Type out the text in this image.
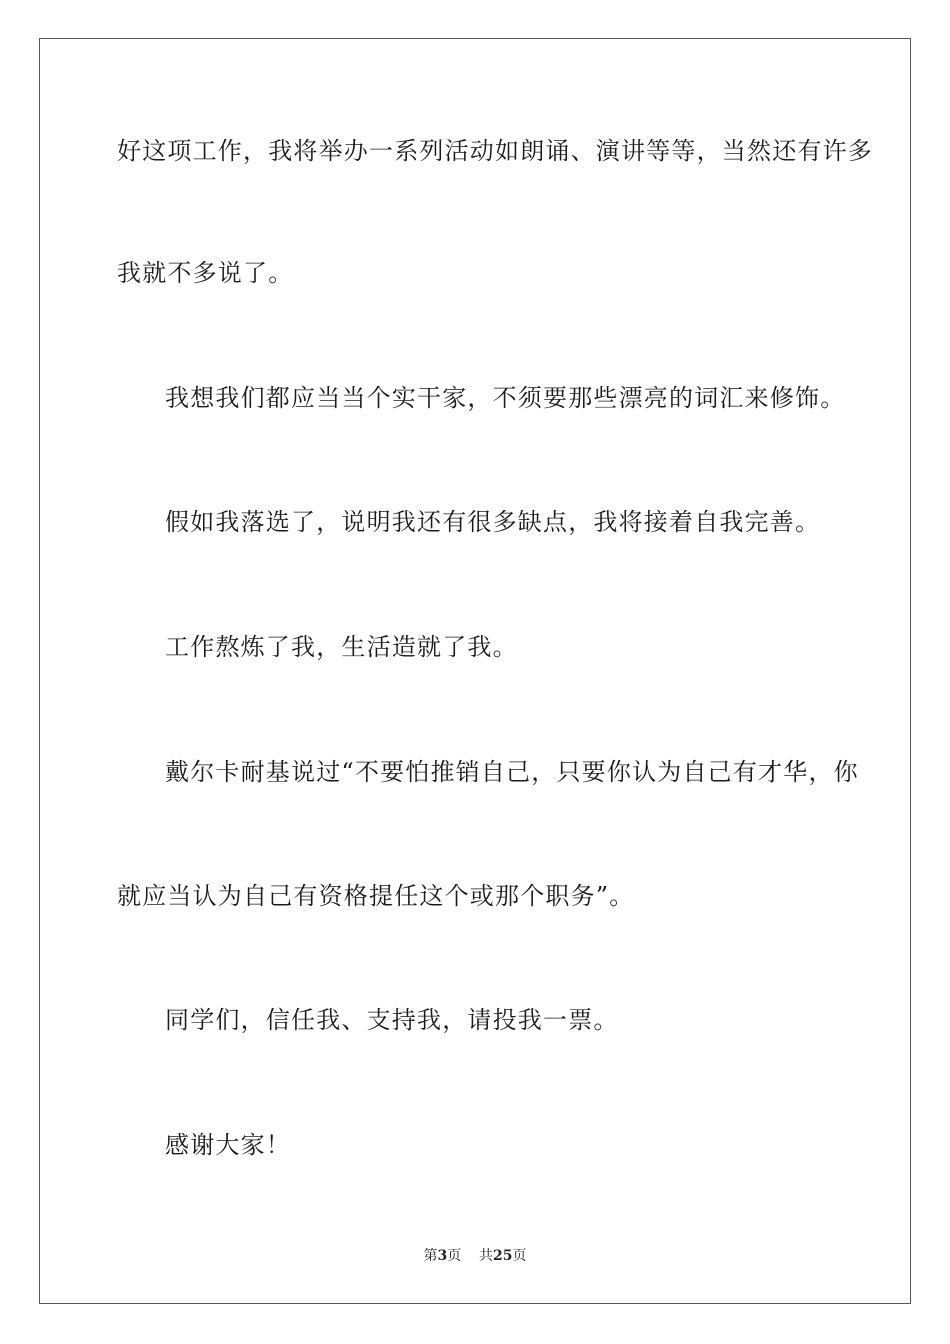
好这项工作，我将举办一系列活动如朗诵、演讲等等，当然还有许多
我就不多说了。
我想我们都应当当个实干家，不须要那些漂亮的词汇来修饰。
假如我落选了，说明我还有很多缺点，我将接着自我完善。
工作熬炼了我，生活造就了我。
戴尔卡耐基说过“不要怕推销自己，只要你认为自己有才华，你
就应当认为自己有资格提任这个或那个职务”。
同学们，信任我、支持我，请投我一票。
感谢大家！
第3页 共25页
